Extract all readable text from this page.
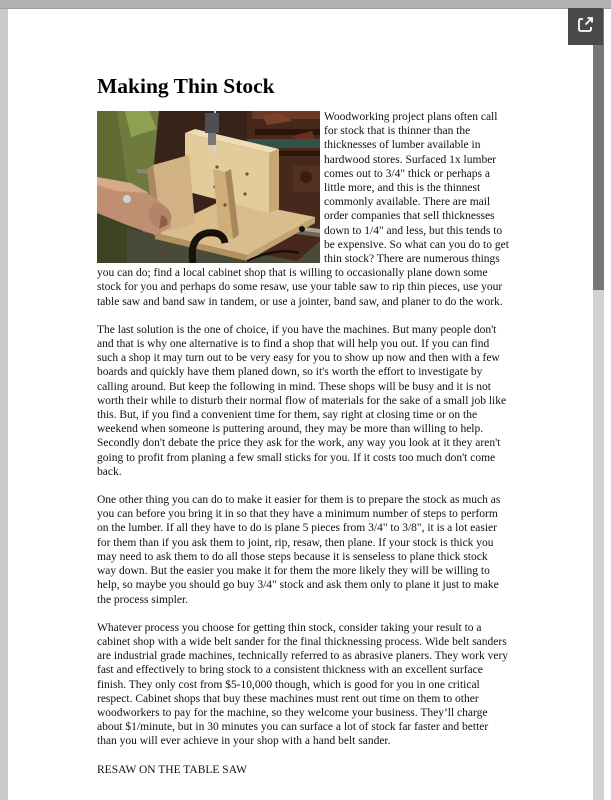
Making Thin Stock

Woodworking project plans often call for stock that is thinner than the thicknesses of lumber available in hardwood stores. Surfaced 1x lumber comes out to 3/4" thick or perhaps a little more, and this is the thinnest commonly available. There are mail order companies that sell thicknesses down to 1/4" and less, but this tends to be expensive. So what can you do to get thin stock? There are numerous things you can do; find a local cabinet shop that is willing to occasionally plane down some stock for you and perhaps do some resaw, use your table saw to rip thin pieces, use your table saw and band saw in tandem, or use a jointer, band saw, and planer to do the work.

The last solution is the one of choice, if you have the machines. But many people don't and that is why one alternative is to find a shop that will help you out. If you can find such a shop it may turn out to be very easy for you to show up now and then with a few boards and quickly have them planed down, so it's worth the effort to investigate by calling around. But keep the following in mind. These shops will be busy and it is not worth their while to disturb their normal flow of materials for the sake of a small job like this. But, if you find a convenient time for them, say right at closing time or on the weekend when someone is puttering around, they may be more than willing to help. Secondly don't debate the price they ask for the work, any way you look at it they aren't going to profit from planing a few small sticks for you. If it costs too much don't come back.

One other thing you can do to make it easier for them is to prepare the stock as much as you can before you bring it in so that they have a minimum number of steps to perform on the lumber. If all they have to do is plane 5 pieces from 3/4" to 3/8", it is a lot easier for them than if you ask them to joint, rip, resaw, then plane. If your stock is thick you may need to ask them to do all those steps because it is senseless to plane thick stock way down. But the easier you make it for them the more likely they will be willing to help, so maybe you should go buy 3/4" stock and ask them only to plane it just to make the process simpler.

Whatever process you choose for getting thin stock, consider taking your result to a cabinet shop with a wide belt sander for the final thicknessing process. Wide belt sanders are industrial grade machines, technically referred to as abrasive planers. They work very fast and effectively to bring stock to a consistent thickness with an excellent surface finish. They only cost from $5-10,000 though, which is good for you in one critical respect. Cabinet shops that buy these machines must rent out time on them to other woodworkers to pay for the machine, so they welcome your business. They’ll charge about $1/minute, but in 30 minutes you can surface a lot of stock far faster and better than you will ever achieve in your shop with a hand belt sander.

RESAW ON THE TABLE SAW
